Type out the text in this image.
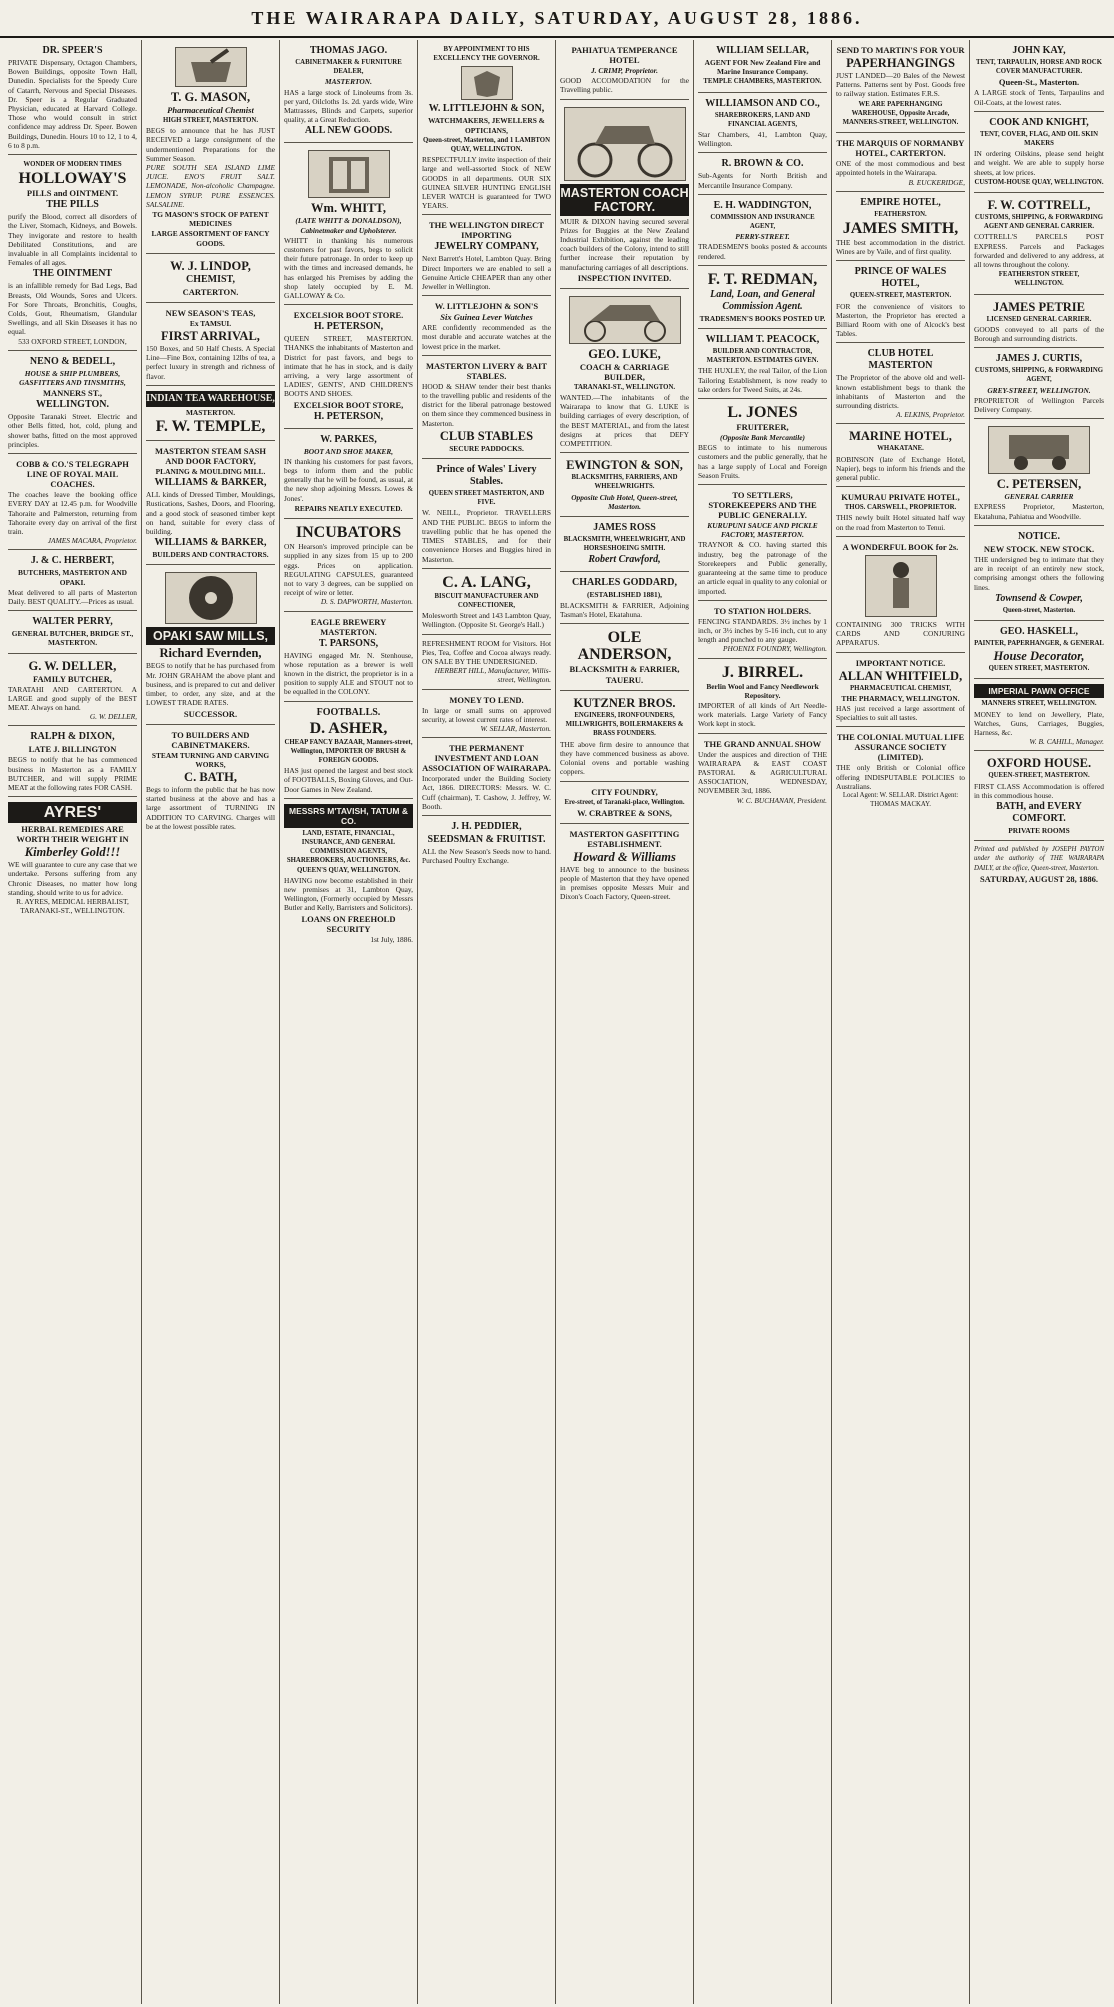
THE WAIRARAPA DAILY, SATURDAY, AUGUST 28, 1886.
DR. SPEER'S
PRIVATE Dispensary, Octagon Chambers, Bowen Buildings, opposite Town Hall, Dunedin. Specialists for the Speedy Cure of Catarrh, Nervous and Special Diseases. Dr. Speer is a Regular Graduated Physician, educated at Harvard College. Those who would consult in strict confidence may address Dr. Speer. Bowen Buildings, Dunedin. Hours 10 to 12, 1 to 4, 6 to 8 p.m.
WONDER OF MODERN TIMES
HOLLOWAY'S
PILLS and OINTMENT.
THE PILLS
purify the Blood, correct all disorders of the Liver, Stomach, Kidneys, and Bowels. They invigorate and restore to health Debilitated Constitutions, and are invaluable in all Complaints incidental to Females of all ages.
THE OINTMENT
is an infallible remedy for Bad Legs, Bad Breasts, Old Wounds, Sores and Ulcers. For Sore Throats, Bronchitis, Coughs, Colds, Gout, Rheumatism, Glandular Swellings, and all Skin Diseases it has no equal.
533 OXFORD STREET, LONDON,
NENO & BEDELL,
HOUSE & SHIP PLUMBERS, GASFITTERS AND TINSMITHS,
MANNERS ST.,
WELLINGTON.
Opposite Taranaki Street. Electric and other Bells fitted, hot, cold, plung and shower baths, fitted on the most approved principles.
COBB & CO.'S TELEGRAPH LINE OF ROYAL MAIL COACHES.
The coaches leave the booking office EVERY DAY at 12.45 p.m. for Woodville Tahoraite and Palmerston, returning from Tahoraite every day on arrival of the first train.
JAMES MACARA, Proprietor.
J. & C. HERBERT,
BUTCHERS, MASTERTON AND OPAKI.
Meat delivered to all parts of Masterton Daily. BEST QUALITY.—Prices as usual.
WALTER PERRY,
GENERAL BUTCHER, BRIDGE ST., MASTERTON.
G. W. DELLER,
FAMILY BUTCHER,
TARATAHI AND CARTERTON. A LARGE and good supply of the BEST MEAT. Always on hand.
G. W. DELLER,
RALPH & DIXON,
LATE J. BILLINGTON
BEGS to notify that he has commenced business in Masterton as a FAMILY BUTCHER, and will supply PRIME MEAT at the following rates FOR CASH.
AYRES'
HERBAL REMEDIES ARE WORTH THEIR WEIGHT IN
Kimberley Gold!!!
WE will guarantee to cure any case that we undertake. Persons suffering from any Chronic Diseases, no matter how long standing, should write to us for advice.
R. AYRES, MEDICAL HERBALIST, TARANAKI-ST., WELLINGTON.
T. G. MASON,
Pharmaceutical Chemist
HIGH STREET, MASTERTON.
BEGS to announce that he has JUST RECEIVED a large consignment of the undermentioned Preparations for the Summer Season.
PURE SOUTH SEA ISLAND LIME JUICE. ENO'S FRUIT SALT. LEMONADE, Non-alcoholic Champagne. LEMON SYRUP. PURE ESSENCES. SALSALINE.
TG MASON'S STOCK OF PATENT MEDICINES
LARGE ASSORTMENT OF FANCY GOODS.
W. J. LINDOP,
CHEMIST,
CARTERTON.
NEW SEASON'S TEAS,
Ex TAMSUI.
FIRST ARRIVAL,
150 Boxes, and 50 Half Chests. A Special Line—Fine Box, containing 12lbs of tea, a perfect luxury in strength and richness of flavor.
INDIAN TEA WAREHOUSE,
MASTERTON.
F. W. TEMPLE,
MASTERTON STEAM SASH AND DOOR FACTORY,
PLANING & MOULDING MILL.
WILLIAMS & BARKER,
ALL kinds of Dressed Timber, Mouldings, Rustications, Sashes, Doors, and Flooring, and a good stock of seasoned timber kept on hand, suitable for every class of building.
WILLIAMS & BARKER,
BUILDERS AND CONTRACTORS.
OPAKI SAW MILLS,
Richard Evernden,
BEGS to notify that he has purchased from Mr. JOHN GRAHAM the above plant and business, and is prepared to cut and deliver timber, to order, any size, and at the LOWEST TRADE RATES.
SUCCESSOR.
TO BUILDERS AND CABINETMAKERS.
STEAM TURNING AND CARVING WORKS,
C. BATH,
Begs to inform the public that he has now started business at the above and has a large assortment of TURNING IN ADDITION TO CARVING. Charges will be at the lowest possible rates.
THOMAS JAGO.
CABINETMAKER & FURNITURE DEALER,
MASTERTON.
HAS a large stock of Linoleums from 3s. per yard, Oilcloths 1s. 2d. yards wide, Wire Mattrasses, Blinds and Carpets, superior quality, at a Great Reduction.
ALL NEW GOODS.
Wm. WHITT,
(LATE WHITT & DONALDSON), Cabinetmaker and Upholsterer.
WHITT in thanking his numerous customers for past favors, begs to solicit their future patronage. In order to keep up with the times and increased demands, he has enlarged his Premises by adding the shop lately occupied by E. M. GALLOWAY & Co.
EXCELSIOR BOOT STORE.
H. PETERSON,
QUEEN STREET, MASTERTON. THANKS the inhabitants of Masterton and District for past favors, and begs to intimate that he has in stock, and is daily arriving, a very large assortment of LADIES', GENTS', AND CHILDREN'S BOOTS AND SHOES.
EXCELSIOR BOOT STORE,
H. PETERSON,
W. PARKES,
BOOT AND SHOE MAKER,
IN thanking his customers for past favors, begs to inform them and the public generally that he will be found, as usual, at the new shop adjoining Messrs. Lowes & Jones'.
REPAIRS NEATLY EXECUTED.
INCUBATORS
ON Hearson's improved principle can be supplied in any sizes from 15 up to 200 eggs. Prices on application. REGULATING CAPSULES, guaranteed not to vary 3 degrees, can be supplied on receipt of wire or letter.
D. S. DAPWORTH, Masterton.
EAGLE BREWERY MASTERTON.
T. PARSONS,
HAVING engaged Mr. N. Stenhouse, whose reputation as a brewer is well known in the district, the proprietor is in a position to supply ALE and STOUT not to be equalled in the COLONY.
FOOTBALLS.
D. ASHER,
CHEAP FANCY BAZAAR, Manners-street, Wellington, IMPORTER OF BRUSH & FOREIGN GOODS.
HAS just opened the largest and best stock of FOOTBALLS, Boxing Gloves, and Out-Door Games in New Zealand.
MESSRS M'TAVISH, TATUM & CO.
LAND, ESTATE, FINANCIAL, INSURANCE, AND GENERAL COMMISSION AGENTS, SHAREBROKERS, AUCTIONEERS, &c. QUEEN'S QUAY, WELLINGTON.
HAVING now become established in their new premises at 31, Lambton Quay, Wellington, (Formerly occupied by Messrs Butler and Kelly, Barristers and Solicitors).
LOANS ON FREEHOLD SECURITY
1st July, 1886.
BY APPOINTMENT TO HIS EXCELLENCY THE GOVERNOR.
W. LITTLEJOHN & SON,
WATCHMAKERS, JEWELLERS & OPTICIANS,
Queen-street, Masterton, and 1 LAMBTON QUAY, WELLINGTON.
RESPECTFULLY invite inspection of their large and well-assorted Stock of NEW GOODS in all departments. OUR SIX GUINEA SILVER HUNTING ENGLISH LEVER WATCH is guaranteed for TWO YEARS.
THE WELLINGTON DIRECT IMPORTING
JEWELRY COMPANY,
Next Barrett's Hotel, Lambton Quay. Bring Direct Importers we are enabled to sell a Genuine Article CHEAPER than any other Jeweller in Wellington.
W. LITTLEJOHN & SON'S
Six Guinea Lever Watches
ARE confidently recommended as the most durable and accurate watches at the lowest price in the market.
MASTERTON LIVERY & BAIT STABLES.
HOOD & SHAW tender their best thanks to the travelling public and residents of the district for the liberal patronage bestowed on them since they commenced business in Masterton.
CLUB STABLES
SECURE PADDOCKS.
Prince of Wales' Livery Stables.
QUEEN STREET MASTERTON, AND FIVE.
W. NEILL, Proprietor. TRAVELLERS AND THE PUBLIC. BEGS to inform the travelling public that he has opened the TIMES STABLES, and for their convenience Horses and Buggies hired in Masterton.
C. A. LANG,
BISCUIT MANUFACTURER AND CONFECTIONER,
Molesworth Street and 143 Lambton Quay, Wellington. (Opposite St. George's Hall.)
REFRESHMENT ROOM for Visitors. Hot Pies, Tea, Coffee and Cocoa always ready. ON SALE BY THE UNDERSIGNED.
HERBERT HILL, Manufacturer, Willis-street, Wellington.
MONEY TO LEND.
In large or small sums on approved security, at lowest current rates of interest.
W. SELLAR, Masterton.
THE PERMANENT INVESTMENT AND LOAN ASSOCIATION OF WAIRARAPA.
Incorporated under the Building Society Act, 1866. DIRECTORS: Messrs. W. C. Cuff (chairman), T. Cashow, J. Jeffrey, W. Booth.
J. H. PEDDIER,
SEEDSMAN & FRUITIST.
ALL the New Season's Seeds now to hand. Purchased Poultry Exchange.
PAHIATUA TEMPERANCE HOTEL
J. CRIMP, Proprietor.
GOOD ACCOMODATION for the Travelling public.
MASTERTON COACH FACTORY.
MUIR & DIXON having secured several Prizes for Buggies at the New Zealand Industrial Exhibition, against the leading coach builders of the Colony, intend to still further increase their reputation by manufacturing carriages of all descriptions.
INSPECTION INVITED.
GEO. LUKE,
COACH & CARRIAGE BUILDER,
TARANAKI-ST., WELLINGTON.
WANTED.—The inhabitants of the Wairarapa to know that G. LUKE is building carriages of every description, of the BEST MATERIAL, and from the latest designs at prices that DEFY COMPETITION.
EWINGTON & SON,
BLACKSMITHS, FARRIERS, AND WHEELWRIGHTS.
Opposite Club Hotel, Queen-street, Masterton.
JAMES ROSS
BLACKSMITH, WHEELWRIGHT, AND HORSESHOEING SMITH.
Robert Crawford,
CHARLES GODDARD,
(ESTABLISHED 1881),
BLACKSMITH & FARRIER, Adjoining Tasman's Hotel, Ekatahuna.
OLE ANDERSON,
BLACKSMITH & FARRIER,
TAUERU.
KUTZNER BROS.
ENGINEERS, IRONFOUNDERS, MILLWRIGHTS, BOILERMAKERS & BRASS FOUNDERS.
THE above firm desire to announce that they have commenced business as above. Colonial ovens and portable washing coppers.
CITY FOUNDRY,
Ere-street, of Taranaki-place, Wellington.
W. CRABTREE & SONS,
MASTERTON GASFITTING ESTABLISHMENT.
Howard & Williams
HAVE beg to announce to the business people of Masterton that they have opened in premises opposite Messrs Muir and Dixon's Coach Factory, Queen-street.
WILLIAM SELLAR,
AGENT FOR New Zealand Fire and Marine Insurance Company.
TEMPLE CHAMBERS, MASTERTON.
WILLIAMSON AND CO.,
SHAREBROKERS, LAND AND FINANCIAL AGENTS,
Star Chambers, 41, Lambton Quay, Wellington.
R. BROWN & CO.
Sub-Agents for North British and Mercantile Insurance Company.
E. H. WADDINGTON,
COMMISSION AND INSURANCE AGENT,
PERRY-STREET.
TRADESMEN'S books posted & accounts rendered.
F. T. REDMAN,
Land, Loan, and General Commission Agent.
TRADESMEN'S BOOKS POSTED UP.
WILLIAM T. PEACOCK,
BUILDER AND CONTRACTOR, MASTERTON. ESTIMATES GIVEN.
THE HUXLEY, the real Tailor, of the Lion Tailoring Establishment, is now ready to take orders for Tweed Suits, at 24s.
L. JONES
FRUITERER,
(Opposite Bank Mercantile)
BEGS to intimate to his numerous customers and the public generally, that he has a large supply of Local and Foreign Season Fruits.
TO SETTLERS, STOREKEEPERS AND THE PUBLIC GENERALLY.
KURUPUNI SAUCE AND PICKLE FACTORY, MASTERTON.
TRAYNOR & CO. having started this industry, beg the patronage of the Storekeepers and Public generally, guaranteeing at the same time to produce an article equal in quality to any colonial or imported.
TO STATION HOLDERS.
FENCING STANDARDS. 3½ inches by 1 inch, or 3½ inches by 5-16 inch, cut to any length and punched to any gauge.
PHOENIX FOUNDRY, Wellington.
J. BIRREL.
Berlin Wool and Fancy Needlework Repository.
IMPORTER of all kinds of Art Needle-work materials. Large Variety of Fancy Work kept in stock.
THE GRAND ANNUAL SHOW
Under the auspices and direction of THE WAIRARAPA & EAST COAST PASTORAL & AGRICULTURAL ASSOCIATION, WEDNESDAY, NOVEMBER 3rd, 1886.
W. C. BUCHANAN, President.
SEND TO MARTIN'S FOR YOUR
PAPERHANGINGS
JUST LANDED—20 Bales of the Newest Patterns. Patterns sent by Post. Goods free to railway station. Estimates F.R.S.
WE ARE PAPERHANGING WAREHOUSE, Opposite Arcade, MANNERS-STREET, WELLINGTON.
THE MARQUIS OF NORMANBY HOTEL, CARTERTON.
ONE of the most commodious and best appointed hotels in the Wairarapa.
B. EUCKERIDGE,
EMPIRE HOTEL,
FEATHERSTON.
JAMES SMITH,
THE best accommodation in the district. Wines are by Vaile, and of first quality.
PRINCE OF WALES HOTEL,
QUEEN-STREET, MASTERTON.
FOR the convenience of visitors to Masterton, the Proprietor has erected a Billiard Room with one of Alcock's best Tables.
CLUB HOTEL MASTERTON
The Proprietor of the above old and well-known establishment begs to thank the inhabitants of Masterton and the surrounding districts.
A. ELKINS, Proprietor.
MARINE HOTEL,
WHAKATANE.
ROBINSON (late of Exchange Hotel, Napier), begs to inform his friends and the general public.
KUMURAU PRIVATE HOTEL,
THOS. CARSWELL, PROPRIETOR.
THIS newly built Hotel situated half way on the road from Masterton to Tenui.
A WONDERFUL BOOK for 2s.
CONTAINING 300 TRICKS WITH CARDS AND CONJURING APPARATUS.
IMPORTANT NOTICE.
ALLAN WHITFIELD,
PHARMACEUTICAL CHEMIST,
THE PHARMACY, WELLINGTON.
HAS just received a large assortment of Specialties to suit all tastes.
THE COLONIAL MUTUAL LIFE ASSURANCE SOCIETY (LIMITED).
THE only British or Colonial office offering INDISPUTABLE POLICIES to Australians.
Local Agent: W. SELLAR. District Agent: THOMAS MACKAY.
JOHN KAY,
TENT, TARPAULIN, HORSE AND ROCK COVER MANUFACTURER.
Queen-St., Masterton.
A LARGE stock of Tents, Tarpaulins and Oil-Coats, at the lowest rates.
COOK AND KNIGHT,
TENT, COVER, FLAG, AND OIL SKIN MAKERS
IN ordering Oilskins, please send height and weight. We are able to supply horse sheets, at low prices.
CUSTOM-HOUSE QUAY, WELLINGTON.
F. W. COTTRELL,
CUSTOMS, SHIPPING, & FORWARDING AGENT AND GENERAL CARRIER.
COTTRELL'S PARCELS POST EXPRESS. Parcels and Packages forwarded and delivered to any address, at all towns throughout the colony.
FEATHERSTON STREET, WELLINGTON.
JAMES PETRIE
LICENSED GENERAL CARRIER.
GOODS conveyed to all parts of the Borough and surrounding districts.
JAMES J. CURTIS,
CUSTOMS, SHIPPING, & FORWARDING AGENT,
GREY-STREET, WELLINGTON.
PROPRIETOR of Wellington Parcels Delivery Company.
C. PETERSEN,
GENERAL CARRIER
EXPRESS Proprietor, Masterton, Ekatahuna, Pahiatua and Woodville.
NOTICE.
NEW STOCK. NEW STOCK.
THE undersigned beg to intimate that they are in receipt of an entirely new stock, comprising amongst others the following lines.
Townsend & Cowper,
Queen-street, Masterton.
GEO. HASKELL,
PAINTER, PAPERHANGER, & GENERAL
House Decorator,
QUEEN STREET, MASTERTON.
IMPERIAL PAWN OFFICE
MANNERS STREET, WELLINGTON.
MONEY to lend on Jewellery, Plate, Watches, Guns, Carriages, Buggies, Harness, &c.
W. B. CAHILL, Manager.
OXFORD HOUSE.
QUEEN-STREET, MASTERTON.
FIRST CLASS Accommodation is offered in this commodious house.
BATH, and EVERY COMFORT.
PRIVATE ROOMS
Printed and published by JOSEPH PAYTON under the authority of THE WAIRARAPA DAILY, at the office, Queen-street, Masterton.
SATURDAY, AUGUST 28, 1886.
